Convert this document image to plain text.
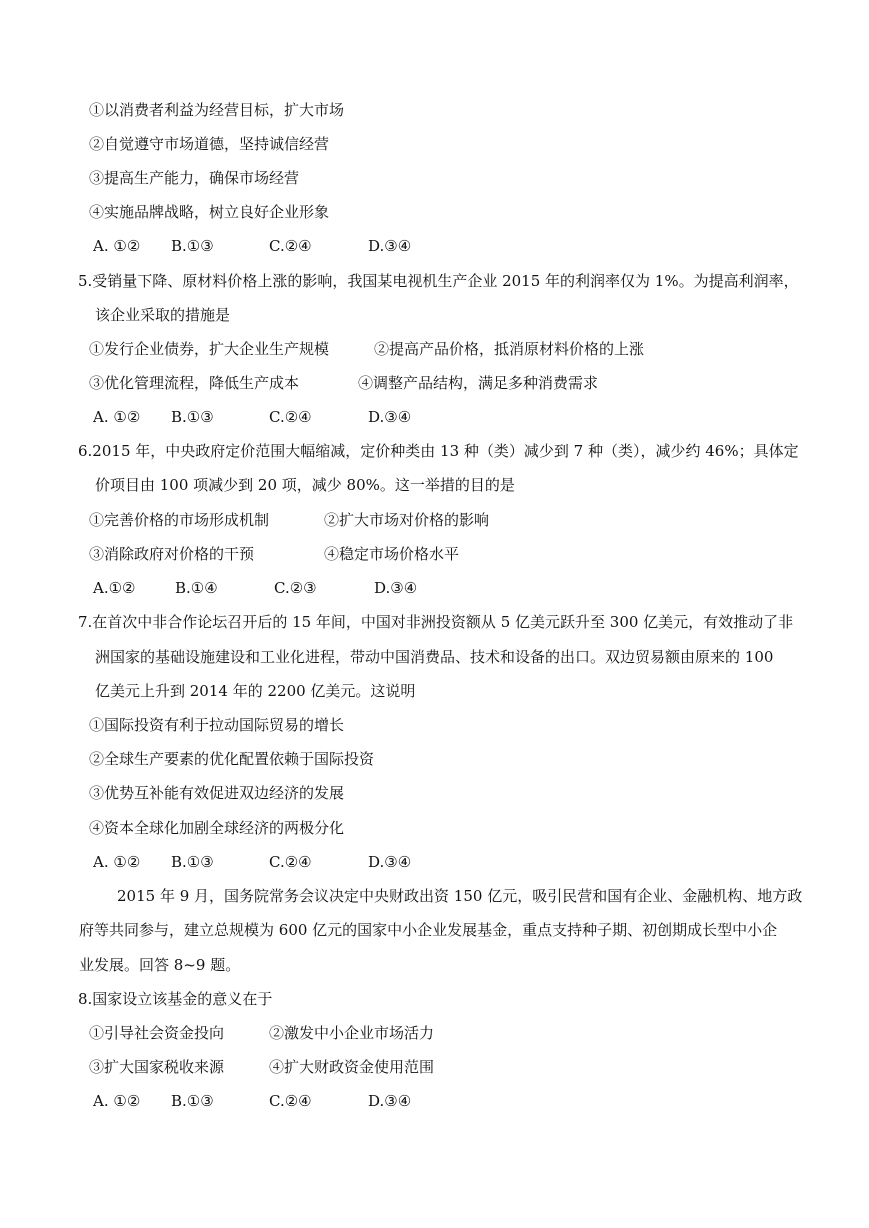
①以消费者利益为经营目标，扩大市场
②自觉遵守市场道德，坚持诚信经营
③提高生产能力，确保市场经营
④实施品牌战略，树立良好企业形象
A. ①② B.①③	C.②④	D.③④
5.受销量下降、原材料价格上涨的影响，我国某电视机生产企业 2015 年的利润率仅为 1%。为提高利润率，
该企业采取的措施是
①发行企业债券，扩大企业生产规模	②提高产品价格，抵消原材料价格的上涨
③优化管理流程，降低生产成本	④调整产品结构，满足多种消费需求
A. ①② B.①③	C.②④	D.③④
6.2015 年，中央政府定价范围大幅缩减，定价种类由 13 种（类）减少到 7 种（类），减少约 46%；具体定
价项目由 100 项减少到 20 项，减少 80%。这一举措的目的是
①完善价格的市场形成机制	②扩大市场对价格的影响
③消除政府对价格的干预	④稳定市场价格水平
A.①②	B.①④	C.②③	D.③④
7.在首次中非合作论坛召开后的 15 年间，中国对非洲投资额从 5 亿美元跃升至 300 亿美元，有效推动了非
洲国家的基础设施建设和工业化进程，带动中国消费品、技术和设备的出口。双边贸易额由原来的 100
亿美元上升到 2014 年的 2200 亿美元。这说明
①国际投资有利于拉动国际贸易的增长
②全球生产要素的优化配置依赖于国际投资
③优势互补能有效促进双边经济的发展
④资本全球化加剧全球经济的两极分化
A. ①② B.①③	C.②④	D.③④
2015 年 9 月，国务院常务会议决定中央财政出资 150 亿元，吸引民营和国有企业、金融机构、地方政
府等共同参与，建立总规模为 600 亿元的国家中小企业发展基金，重点支持种子期、初创期成长型中小企
业发展。回答 8~9 题。
8.国家设立该基金的意义在于
①引导社会资金投向	②激发中小企业市场活力
③扩大国家税收来源	④扩大财政资金使用范围
A. ①② B.①③	C.②④	D.③④
